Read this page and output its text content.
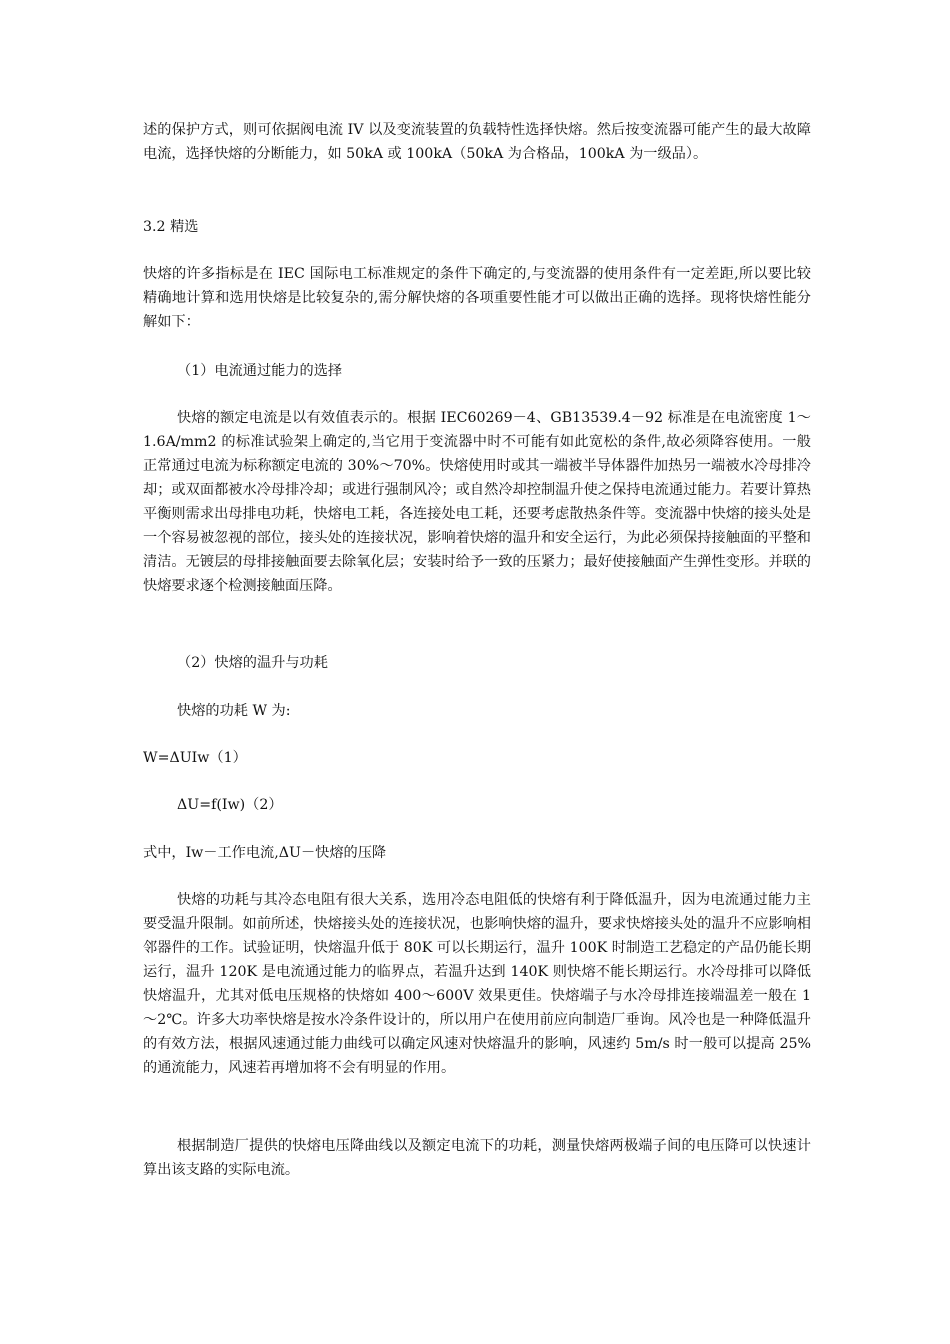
述的保护方式，则可依据阀电流 IV 以及变流装置的负载特性选择快熔。然后按变流器可能产生的最大故障电流，选择快熔的分断能力，如 50kA 或 100kA（50kA 为合格品，100kA 为一级品）。

3.2 精选

快熔的许多指标是在 IEC 国际电工标准规定的条件下确定的,与变流器的使用条件有一定差距,所以要比较精确地计算和选用快熔是比较复杂的,需分解快熔的各项重要性能才可以做出正确的选择。现将快熔性能分解如下：

（1）电流通过能力的选择

快熔的额定电流是以有效值表示的。根据 IEC60269－4、GB13539.4－92 标准是在电流密度 1～1.6A/mm2 的标准试验架上确定的,当它用于变流器中时不可能有如此宽松的条件,故必须降容使用。一般正常通过电流为标称额定电流的 30%～70%。快熔使用时或其一端被半导体器件加热另一端被水冷母排冷却；或双面都被水冷母排冷却；或进行强制风冷；或自然冷却控制温升使之保持电流通过能力。若要计算热平衡则需求出母排电功耗，快熔电工耗，各连接处电工耗，还要考虑散热条件等。变流器中快熔的接头处是一个容易被忽视的部位，接头处的连接状况，影响着快熔的温升和安全运行，为此必须保持接触面的平整和清洁。无镀层的母排接触面要去除氧化层；安装时给予一致的压紧力；最好使接触面产生弹性变形。并联的快熔要求逐个检测接触面压降。

（2）快熔的温升与功耗

快熔的功耗 W 为:

W=ΔUIw（1）

ΔU=f(Iw)（2）

式中，Iw－工作电流,ΔU－快熔的压降

快熔的功耗与其冷态电阻有很大关系，选用冷态电阻低的快熔有利于降低温升，因为电流通过能力主要受温升限制。如前所述，快熔接头处的连接状况，也影响快熔的温升，要求快熔接头处的温升不应影响相邻器件的工作。试验证明，快熔温升低于 80K 可以长期运行，温升 100K 时制造工艺稳定的产品仍能长期运行，温升 120K 是电流通过能力的临界点，若温升达到 140K 则快熔不能长期运行。水冷母排可以降低快熔温升，尤其对低电压规格的快熔如 400～600V 效果更佳。快熔端子与水冷母排连接端温差一般在 1～2℃。许多大功率快熔是按水冷条件设计的，所以用户在使用前应向制造厂垂询。风冷也是一种降低温升的有效方法，根据风速通过能力曲线可以确定风速对快熔温升的影响，风速约 5m/s 时一般可以提高 25%的通流能力，风速若再增加将不会有明显的作用。

根据制造厂提供的快熔电压降曲线以及额定电流下的功耗，测量快熔两极端子间的电压降可以快速计算出该支路的实际电流。
